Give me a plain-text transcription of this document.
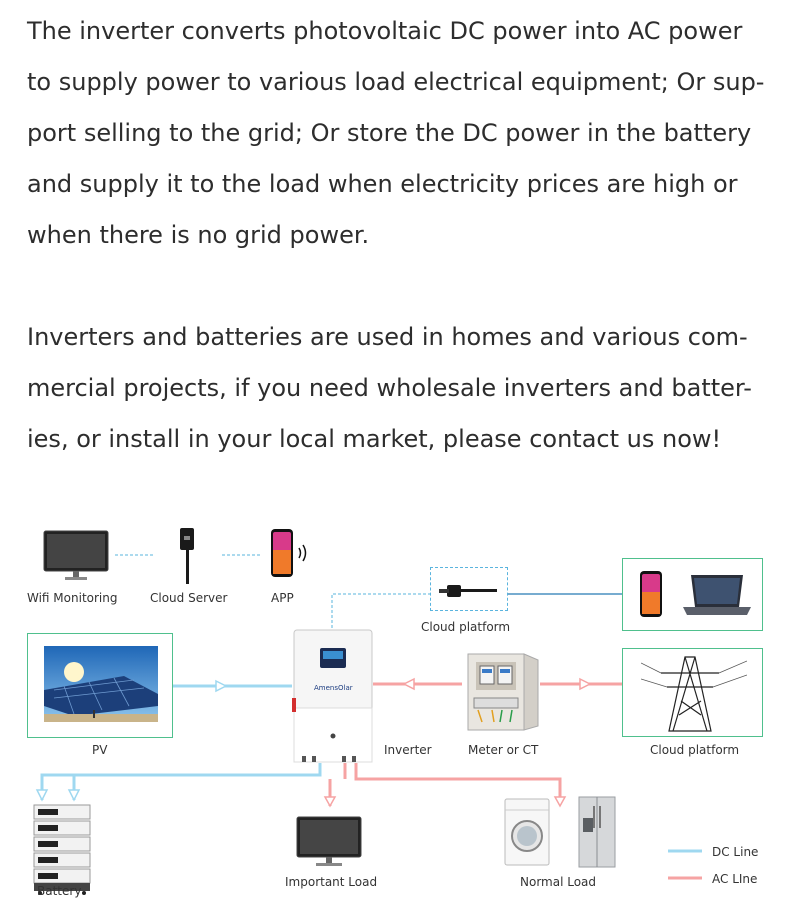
The inverter converts photovoltaic DC power into AC power
to supply power to various load electrical equipment; Or sup-
port selling to the grid; Or store the DC power in the battery
and supply it to the load when electricity prices are high or
when there is no grid power.

Inverters and batteries are used in homes and various com-
mercial projects, if you need wholesale inverters and batter-
ies, or install in your local market, please contact us now!

Wifi Monitoring	Cloud Server	APP
Cloud platform
PV
AmensOlar
Inverter	Meter or CT	Cloud platform
Battery
Important Load	Normal Load
DC Line
AC LIne
